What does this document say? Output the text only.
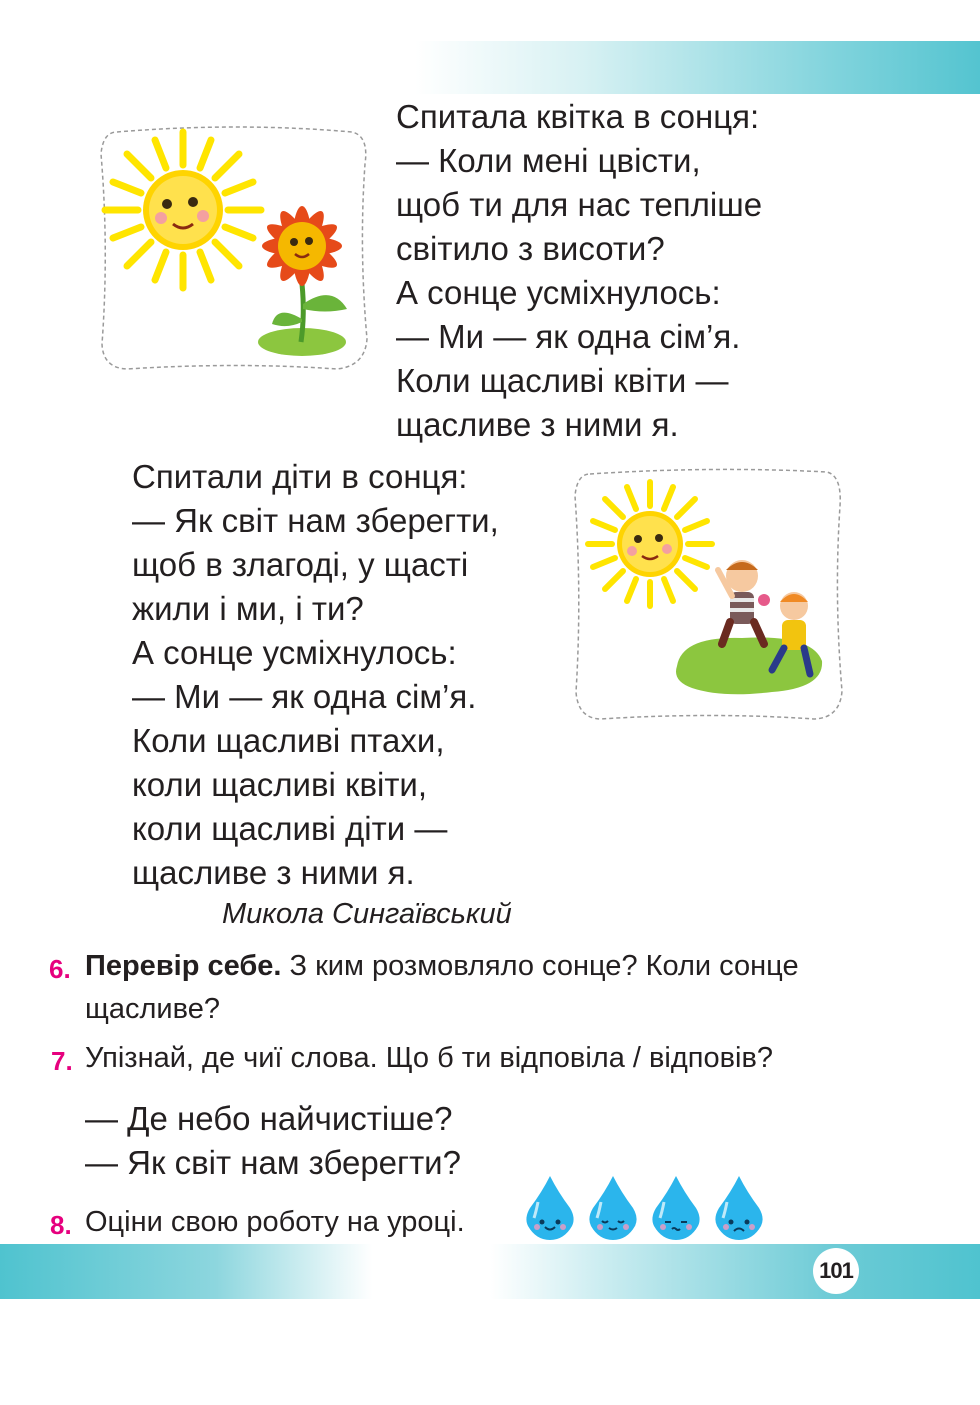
Спитала квітка в сонця:
— Коли мені цвісти,
щоб ти для нас тепліше
світило з висоти?
А сонце усміхнулось:
— Ми — як одна сім’я.
Коли щасливі квіти —
щасливе з ними я.
Спитали діти в сонця:
— Як світ нам зберегти,
щоб в злагоді, у щасті
жили і ми, і ти?
А сонце усміхнулось:
— Ми — як одна сім’я.
Коли щасливі птахи,
коли щасливі квіти,
коли щасливі діти —
щасливе з ними я.
Микола Сингаївський
6. Перевір себе. З ким розмовляло сонце? Коли сонце
щасливе?
7. Упізнай, де чиї слова. Що б ти відповіла / відповів?
— Де небо найчистіше?
— Як світ нам зберегти?
8. Оціни свою роботу на уроці.
101
